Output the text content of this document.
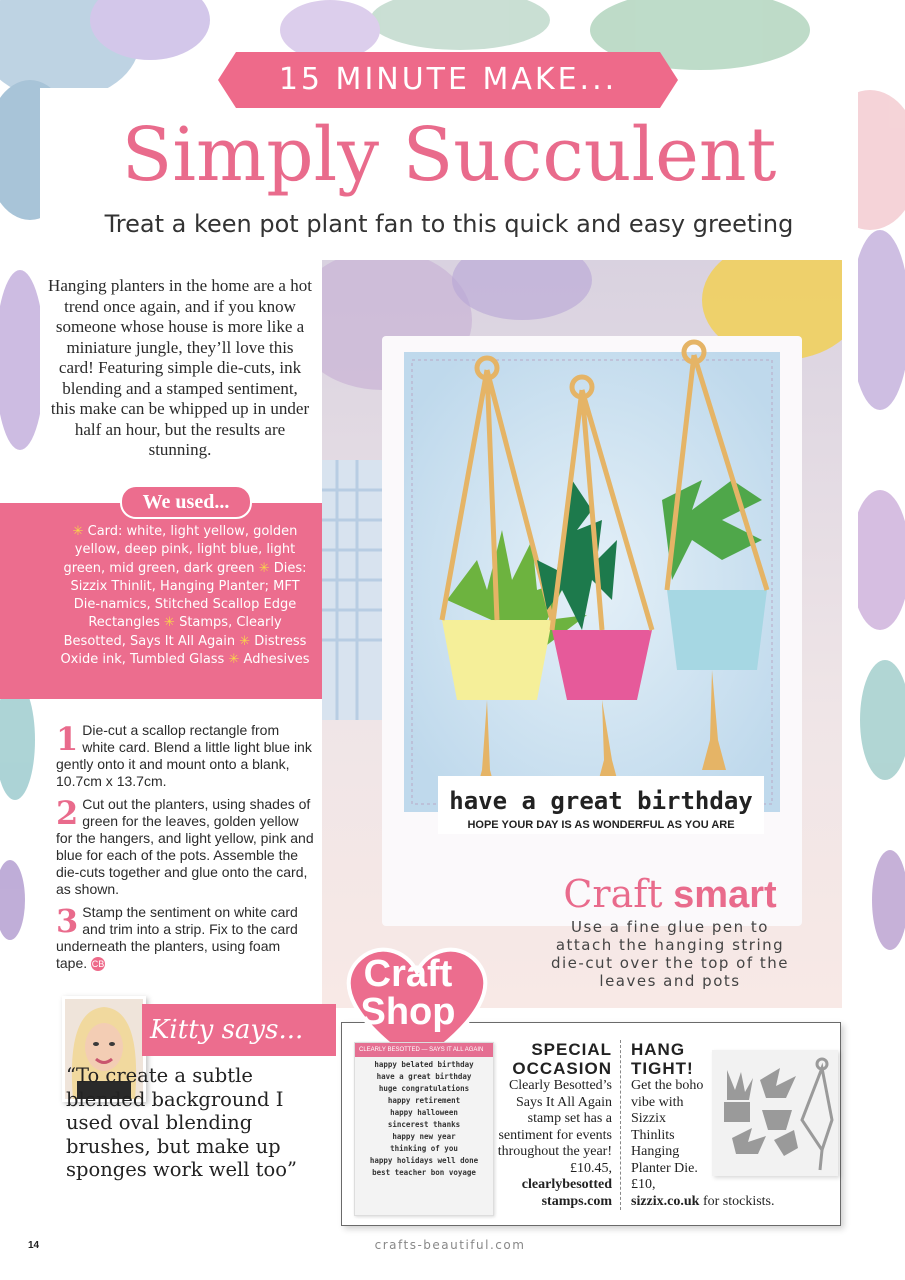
15 MINUTE MAKE...
Simply Succulent
Treat a keen pot plant fan to this quick and easy greeting
Hanging planters in the home are a hot trend once again, and if you know someone whose house is more like a miniature jungle, they’ll love this card! Featuring simple die-cuts, ink blending and a stamped sentiment, this make can be whipped up in under half an hour, but the results are stunning.
We used...
✳ Card: white, light yellow, golden yellow, deep pink, light blue, light green, mid green, dark green ✳ Dies: Sizzix Thinlit, Hanging Planter; MFT Die-namics, Stitched Scallop Edge Rectangles ✳ Stamps, Clearly Besotted, Says It All Again ✳ Distress Oxide ink, Tumbled Glass ✳ Adhesives
1 Die-cut a scallop rectangle from white card. Blend a little light blue ink gently onto it and mount onto a blank, 10.7cm x 13.7cm.
2 Cut out the planters, using shades of green for the leaves, golden yellow for the hangers, and light yellow, pink and blue for each of the pots. Assemble the die-cuts together and glue onto the card, as shown.
3 Stamp the sentiment on white card and trim into a strip. Fix to the card underneath the planters, using foam tape. CB
have a great birthday
HOPE YOUR DAY IS AS WONDERFUL AS YOU ARE
Craft smart
Use a fine glue pen to attach the hanging string die-cut over the top of the leaves and pots
Craft
Shop
CLEARLY BESOTTED — SAYS IT ALL AGAIN
happy belated birthday
have a great birthday
huge congratulations
happy retirement
happy halloween
sincerest thanks
happy new year
thinking of you
happy holidays well done
best teacher bon voyage
SPECIAL OCCASION
Clearly Besotted’s Says It All Again stamp set has a sentiment for events throughout the year! £10.45, clearlybesotted stamps.com
HANG TIGHT!
Get the boho vibe with Sizzix Thinlits Hanging Planter Die. £10,
sizzix.co.uk for stockists.
Kitty says...
“To create a subtle blended background I used oval blending brushes, but make up sponges work well too”
14	crafts-beautiful.com
